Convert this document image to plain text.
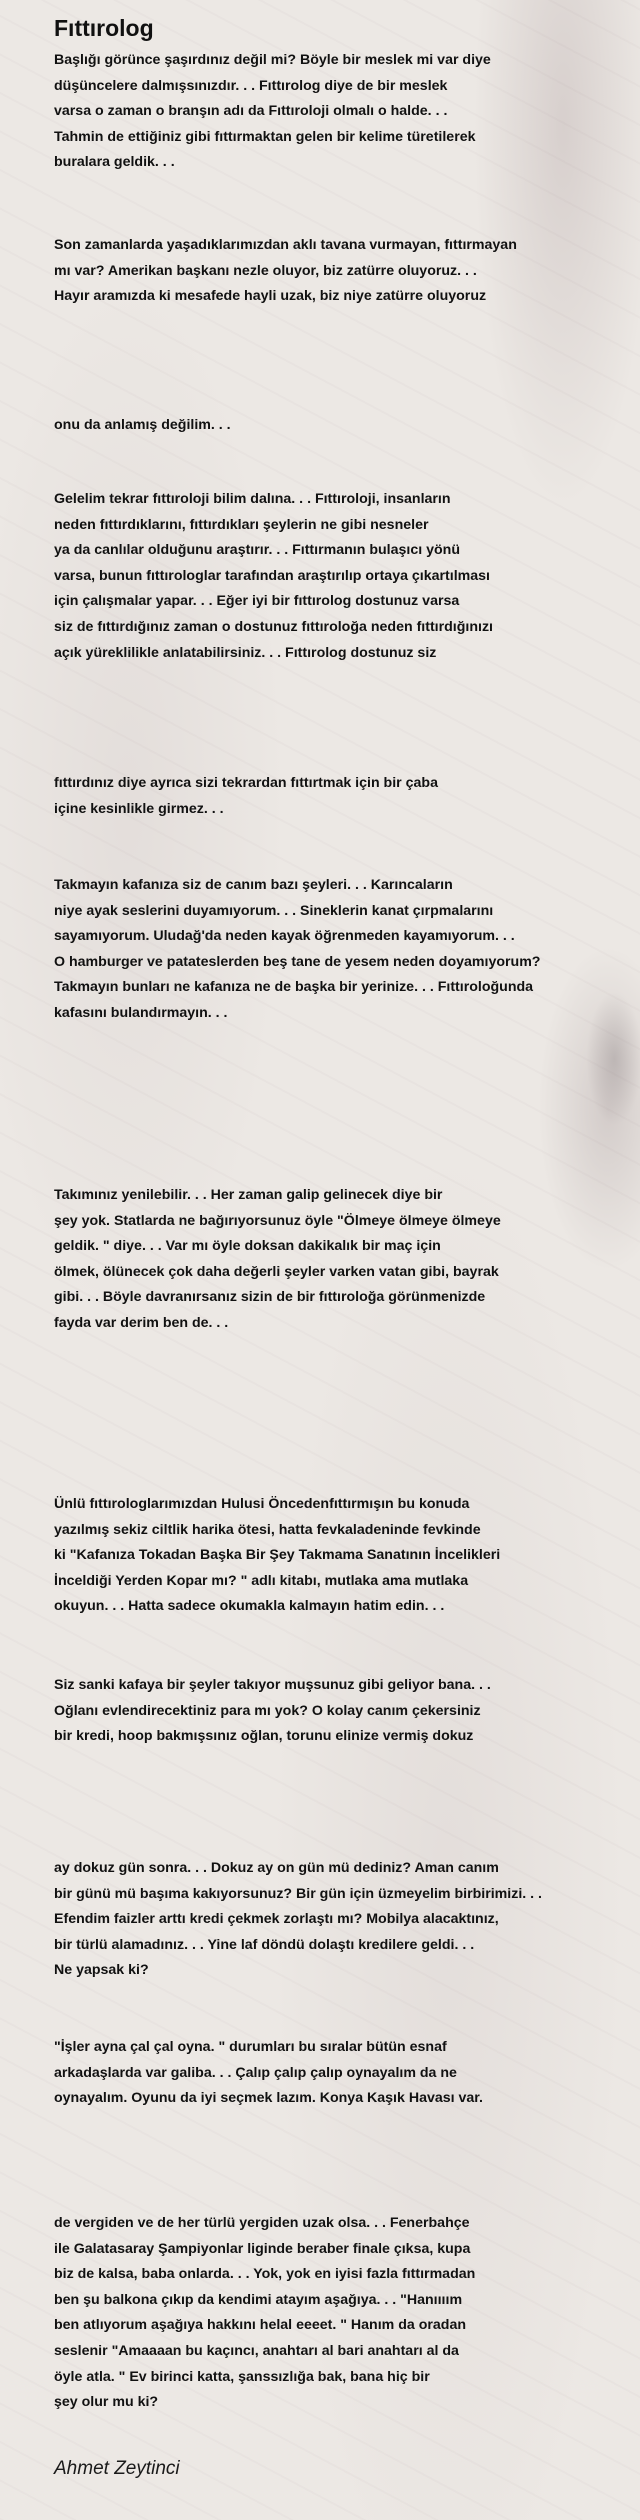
Fıttırolog
Başlığı görünce şaşırdınız değil mi? Böyle bir meslek mi var diye
düşüncelere dalmışsınızdır. . . Fıttırolog diye de bir meslek
varsa o zaman o branşın adı da Fıttıroloji olmalı o halde. . .
Tahmin de ettiğiniz gibi fıttırmaktan gelen bir kelime türetilerek
buralara geldik. . .
Son zamanlarda yaşadıklarımızdan aklı tavana vurmayan, fıttırmayan
mı var? Amerikan başkanı nezle oluyor, biz zatürre oluyoruz. . .
Hayır aramızda ki mesafede hayli uzak, biz niye zatürre oluyoruz
onu da anlamış değilim. . .
Gelelim tekrar fıttıroloji bilim dalına. . . Fıttıroloji, insanların
neden fıttırdıklarını, fıttırdıkları şeylerin ne gibi nesneler
ya da canlılar olduğunu araştırır. . . Fıttırmanın bulaşıcı yönü
varsa, bunun fıttırologlar tarafından araştırılıp ortaya çıkartılması
için çalışmalar yapar. . . Eğer iyi bir fıttırolog dostunuz varsa
siz de fıttırdığınız zaman o dostunuz fıttıroloğa neden fıttırdığınızı
açık yüreklilikle anlatabilirsiniz. . . Fıttırolog dostunuz siz
fıttırdınız diye ayrıca sizi tekrardan fıttırtmak için bir çaba
içine kesinlikle girmez. . .
Takmayın kafanıza siz de canım bazı şeyleri. . . Karıncaların
niye ayak seslerini duyamıyorum. . . Sineklerin kanat çırpmalarını
sayamıyorum. Uludağ'da neden kayak öğrenmeden kayamıyorum. . .
O hamburger ve patateslerden beş tane de yesem neden doyamıyorum?
Takmayın bunları ne kafanıza ne de başka bir yerinize. . . Fıttıroloğunda
kafasını bulandırmayın. . .
Takımınız yenilebilir. . . Her zaman galip gelinecek diye bir
şey yok. Statlarda ne bağırıyorsunuz öyle "Ölmeye ölmeye ölmeye
geldik. " diye. . . Var mı öyle doksan dakikalık bir maç için
ölmek, ölünecek çok daha değerli şeyler varken vatan gibi, bayrak
gibi. . . Böyle davranırsanız sizin de bir fıttıroloğa görünmenizde
fayda var derim ben de. . .
Ünlü fıttırologlarımızdan Hulusi Öncedenfıttırmışın bu konuda
yazılmış sekiz ciltlik harika ötesi, hatta fevkaladeninde fevkinde
ki "Kafanıza Tokadan Başka Bir Şey Takmama Sanatının İncelikleri
İnceldiği Yerden Kopar mı? " adlı kitabı, mutlaka ama mutlaka
okuyun. . . Hatta sadece okumakla kalmayın hatim edin. . .
Siz sanki kafaya bir şeyler takıyor muşsunuz gibi geliyor bana. . .
Oğlanı evlendirecektiniz para mı yok? O kolay canım çekersiniz
bir kredi, hoop bakmışsınız oğlan, torunu elinize vermiş dokuz
ay dokuz gün sonra. . . Dokuz ay on gün mü dediniz? Aman canım
bir günü mü başıma kakıyorsunuz? Bir gün için üzmeyelim birbirimizi. . .
Efendim faizler arttı kredi çekmek zorlaştı mı? Mobilya alacaktınız,
bir türlü alamadınız. . . Yine laf döndü dolaştı kredilere geldi. . .
Ne yapsak ki?
"İşler ayna çal çal oyna. " durumları bu sıralar bütün esnaf
arkadaşlarda var galiba. . . Çalıp çalıp çalıp oynayalım da ne
oynayalım. Oyunu da iyi seçmek lazım. Konya Kaşık Havası var.
de vergiden ve de her türlü yergiden uzak olsa. . . Fenerbahçe
ile Galatasaray Şampiyonlar liginde beraber finale çıksa, kupa
biz de kalsa, baba onlarda. . . Yok, yok en iyisi fazla fıttırmadan
ben şu balkona çıkıp da kendimi atayım aşağıya. . . "Hanıııım
ben atlıyorum aşağıya hakkını helal eeeet. " Hanım da oradan
seslenir "Amaaaan bu kaçıncı, anahtarı al bari anahtarı al da
öyle atla. " Ev birinci katta, şanssızlığa bak, bana hiç bir
şey olur mu ki?

Ahmet Zeytinci
